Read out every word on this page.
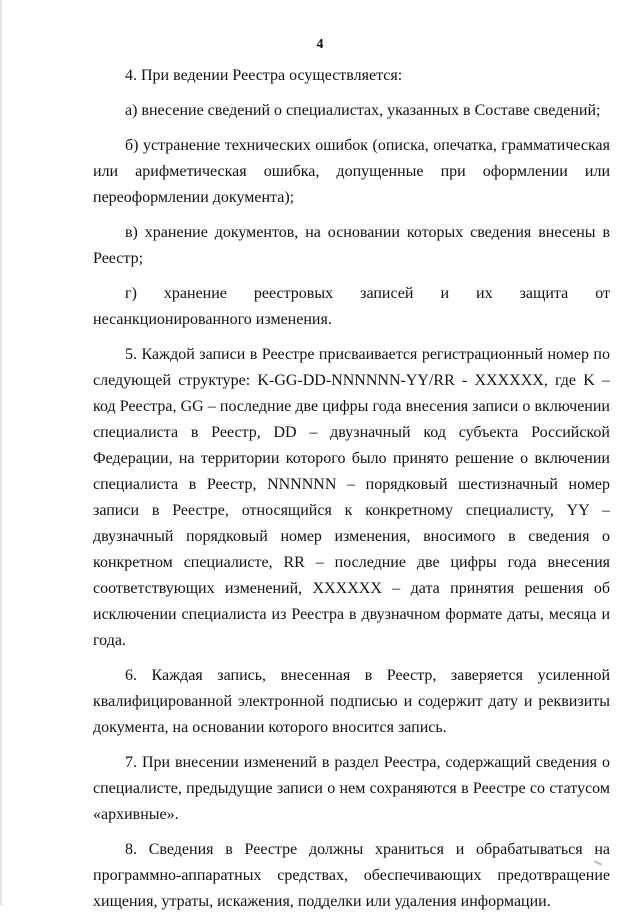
4

4. При ведении Реестра осуществляется:

а) внесение сведений о специалистах, указанных в Составе сведений;

б) устранение технических ошибок (описка, опечатка, грамматическая или арифметическая ошибка, допущенные при оформлении или переоформлении документа);

в) хранение документов, на основании которых сведения внесены в Реестр;

г) хранение реестровых записей и их защита от несанкционированного изменения.

5. Каждой записи в Реестре присваивается регистрационный номер по следующей структуре: K-GG-DD-NNNNNN-YY/RR - XXXXXX, где K – код Реестра, GG – последние две цифры года внесения записи о включении специалиста в Реестр, DD – двузначный код субъекта Российской Федерации, на территории которого было принято решение о включении специалиста в Реестр, NNNNNN – порядковый шестизначный номер записи в Реестре, относящийся к конкретному специалисту, YY – двузначный порядковый номер изменения, вносимого в сведения о конкретном специалисте, RR – последние две цифры года внесения соответствующих изменений, XXXXXX – дата принятия решения об исключении специалиста из Реестра в двузначном формате даты, месяца и года.

6. Каждая запись, внесенная в Реестр, заверяется усиленной квалифицированной электронной подписью и содержит дату и реквизиты документа, на основании которого вносится запись.

7. При внесении изменений в раздел Реестра, содержащий сведения о специалисте, предыдущие записи о нем сохраняются в Реестре со статусом «архивные».

8. Сведения в Реестре должны храниться и обрабатываться на программно-аппаратных средствах, обеспечивающих предотвращение хищения, утраты, искажения, подделки или удаления информации.
